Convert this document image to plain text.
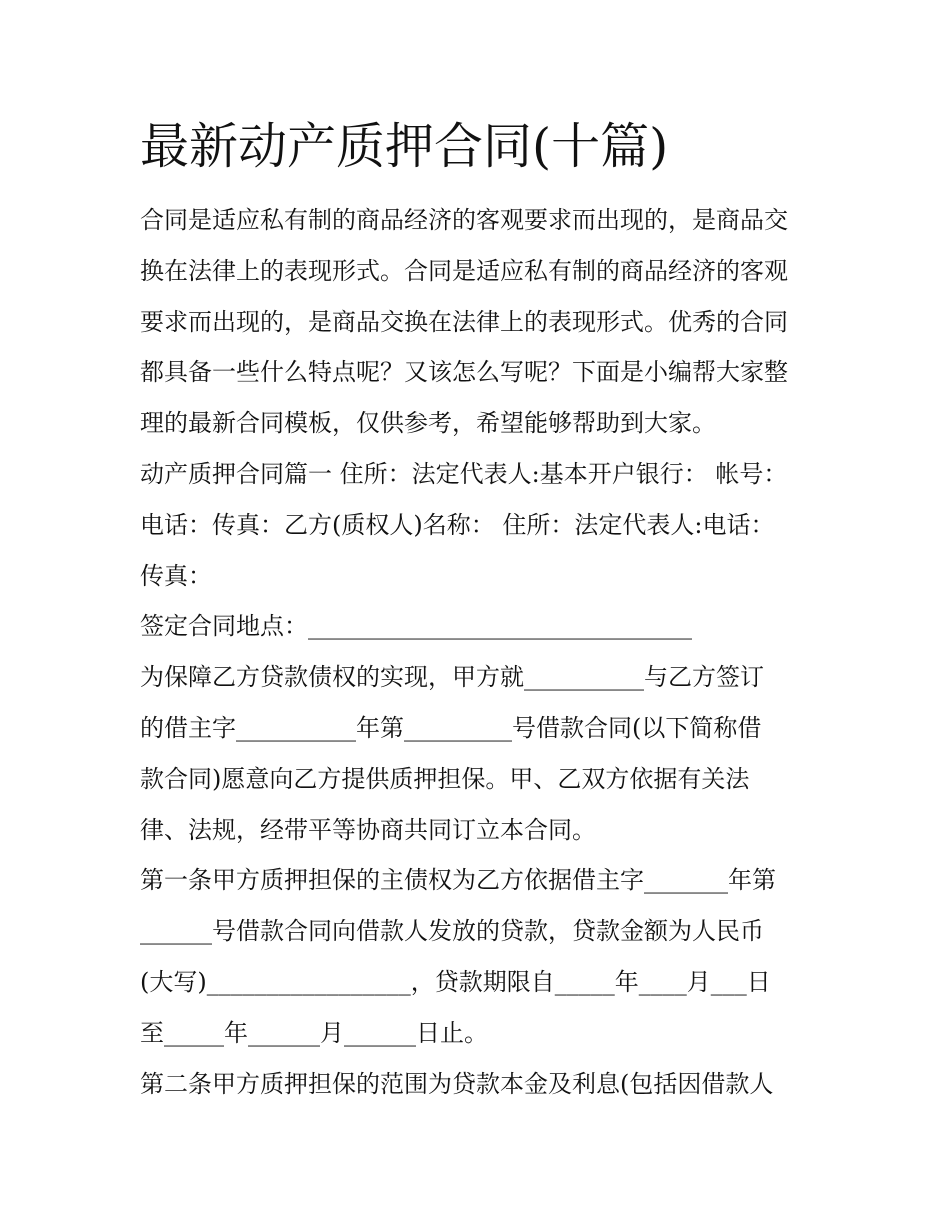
最新动产质押合同(十篇)
合同是适应私有制的商品经济的客观要求而出现的，是商品交
换在法律上的表现形式。合同是适应私有制的商品经济的客观
要求而出现的，是商品交换在法律上的表现形式。优秀的合同
都具备一些什么特点呢？又该怎么写呢？下面是小编帮大家整
理的最新合同模板，仅供参考，希望能够帮助到大家。
动产质押合同篇一 住所：法定代表人:基本开户银行： 帐号：
电话：传真：乙方(质权人)名称： 住所：法定代表人:电话：
传真：
签定合同地点：________________________________
为保障乙方贷款债权的实现，甲方就__________与乙方签订
的借主字__________年第_________号借款合同(以下简称借
款合同)愿意向乙方提供质押担保。甲、乙双方依据有关法
律、法规，经带平等协商共同订立本合同。
第一条甲方质押担保的主债权为乙方依据借主字_______年第
______号借款合同向借款人发放的贷款，贷款金额为人民币
(大写)_________________，贷款期限自_____年____月___日
至_____年______月______日止。
第二条甲方质押担保的范围为贷款本金及利息(包括因借款人
